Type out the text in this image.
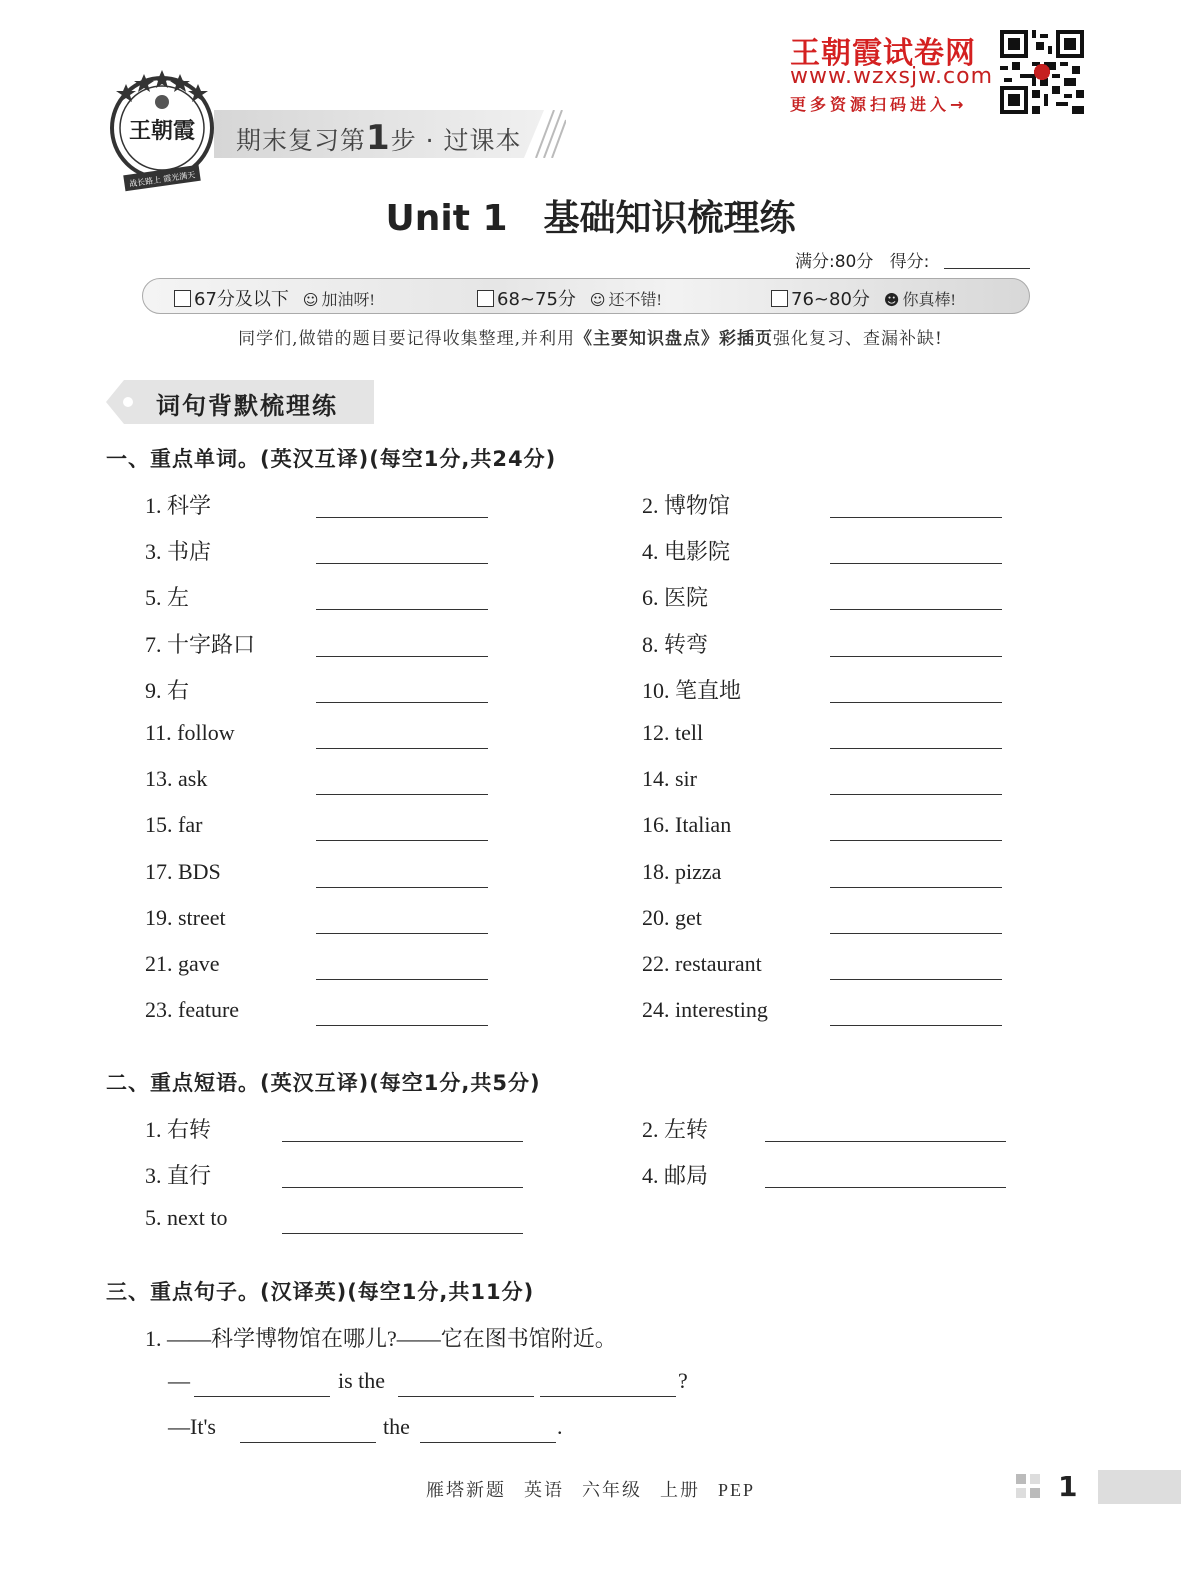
战长路上 霞光满天
王朝霞 期末复习第1步 · 过课本
王朝霞试卷网
www.wzxsjw.com
更多资源扫码进入→
Unit 1　基础知识梳理练
满分:80分 得分:
67分及以下 ☺ 加油呀!	68~75分 ☺ 还不错!	76~80分 ☻ 你真棒!
同学们,做错的题目要记得收集整理,并利用《主要知识盘点》彩插页强化复习、查漏补缺!
词句背默梳理练
一、重点单词。(英汉互译)(每空1分,共24分)
1. 科学	2. 博物馆
3. 书店	4. 电影院
5. 左	6. 医院
7. 十字路口	8. 转弯
9. 右	10. 笔直地
11. follow	12. tell
13. ask	14. sir
15. far	16. Italian
17. BDS	18. pizza
19. street	20. get
21. gave	22. restaurant
23. feature	24. interesting
二、重点短语。(英汉互译)(每空1分,共5分)
1. 右转	2. 左转
3. 直行	4. 邮局
5. next to
三、重点句子。(汉译英)(每空1分,共11分)
1. ——科学博物馆在哪儿?——它在图书馆附近。
—	is the	?
—It's	the	.
雁塔新题 英语 六年级 上册 PEP	1
